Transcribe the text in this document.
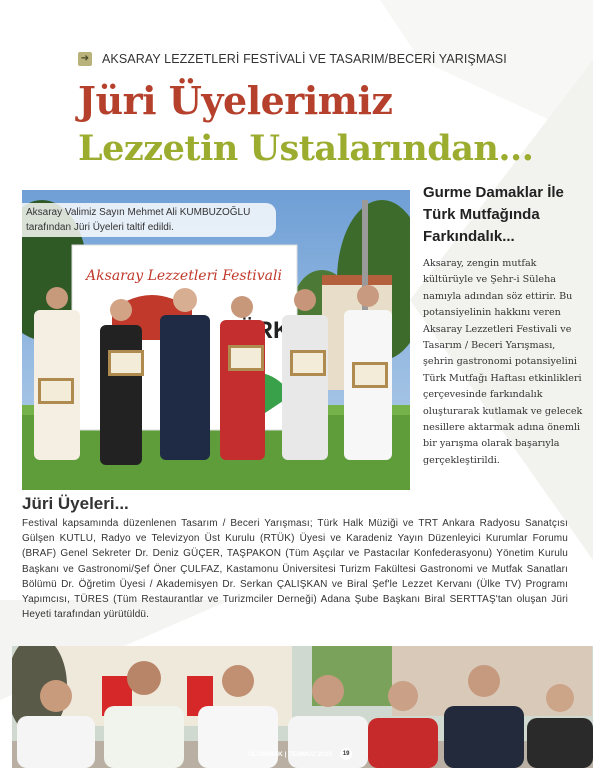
➜ AKSARAY LEZZETLERİ FESTİVALİ VE TASARIM/BECERİ YARIŞMASI
Jüri Üyelerimiz
Lezzetin Ustalarından...
Aksaray Lezzetleri Festivali
Aksaray Valimiz Sayın Mehmet Ali KUMBUZOĞLU tarafından Jüri Üyeleri taltif edildi.
Gurme Damaklar İle Türk Mutfağında Farkındalık...
Aksaray, zengin mutfak kültürüyle ve Şehr-i Süleha namıyla adından söz ettirir. Bu potansiyelinin hakkını veren Aksaray Lezzetleri Festivali ve Tasarım / Beceri Yarışması, şehrin gastronomi potansiyelini Türk Mutfağı Haftası etkinlikleri çerçevesinde farkındalık oluşturarak kutlamak ve gelecek nesillere aktarmak adına önemli bir yarışma olarak başarıyla gerçekleştirildi.
Jüri Üyeleri...
Festival kapsamında düzenlenen Tasarım / Beceri Yarışması; Türk Halk Müziği ve TRT Ankara Radyosu Sanatçısı Gülşen KUTLU, Radyo ve Televizyon Üst Kurulu (RTÜK) Üyesi ve Karadeniz Yayın Düzenleyici Kurumlar Forumu (BRAF) Genel Sekreter Dr. Deniz GÜÇER, TAŞPAKON (Tüm Aşçılar ve Pastacılar Konfederasyonu) Yönetim Kurulu Başkanı ve Gastronomi/Şef Öner ÇULFAZ, Kastamonu Üniversitesi Turizm Fakültesi Gastronomi ve Mutfak Sanatları Bölümü Dr. Öğretim Üyesi / Akademisyen Dr. Serkan ÇALIŞKAN ve Biral Şef'le Lezzet Kervanı (Ülke TV) Programı Yapımcısı, TÜRES (Tüm Restaurantlar ve Turizmciler Derneği) Adana Şube Başkanı Biral SERTTAŞ'tan oluşan Jüri Heyeti tarafından yürütüldü.
ULUIRMAK | TEMMUZ 2025	19
